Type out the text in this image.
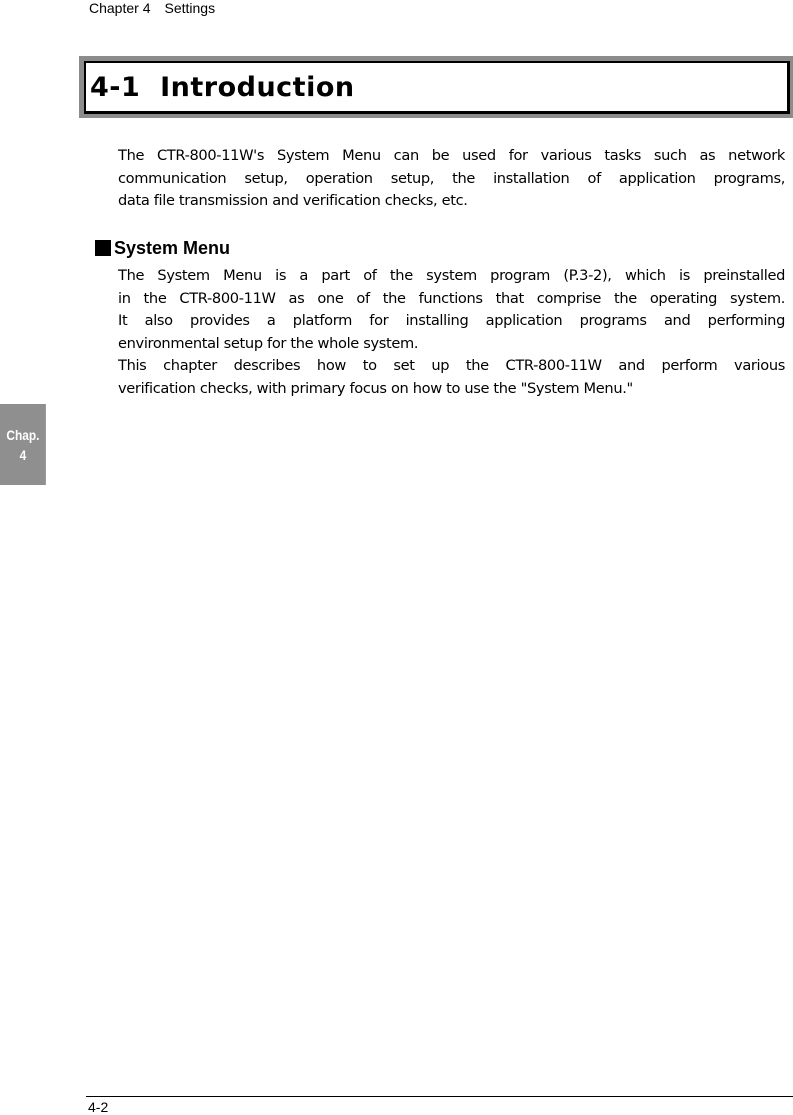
Chapter 4 Settings
4-1  Introduction
The CTR-800-11W's System Menu can be used for various tasks such as network
communication setup, operation setup, the installation of application programs,
data file transmission and verification checks, etc.
System Menu
The System Menu is a part of the system program (P.3-2), which is preinstalled
in the CTR-800-11W as one of the functions that comprise the operating system.
It also provides a platform for installing application programs and performing
environmental setup for the whole system.
This chapter describes how to set up the CTR-800-11W and perform various
verification checks, with primary focus on how to use the "System Menu."
Chap.
4
4-2
